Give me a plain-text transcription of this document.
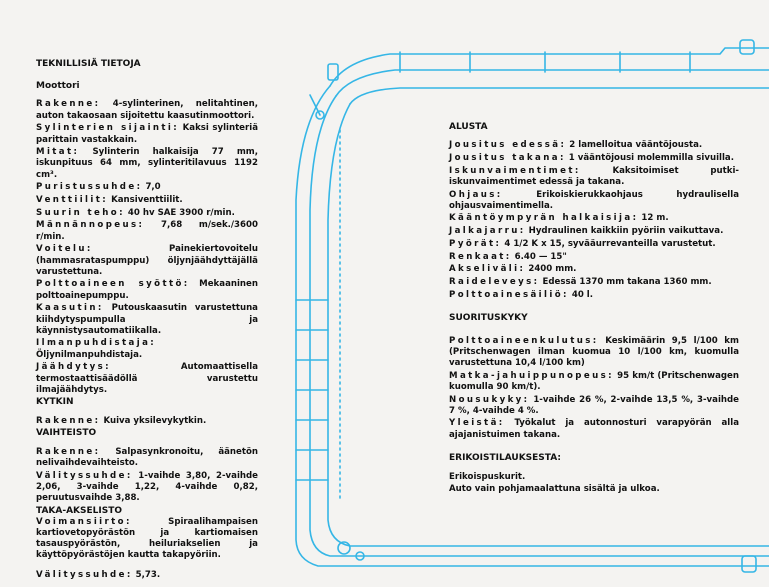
TEKNILLISIÄ TIETOJA
Moottori

Rakenne: 4-sylinterinen, nelitahtinen, auton takaosaan sijoitettu kaasutinmoottori.

Sylinterien sijainti: Kaksi sylinteriä parittain vastakkain.

Mitat: Sylinterin halkaisija 77 mm, iskunpituus 64 mm, sylinteritilavuus 1192 cm³.

Puristussuhde: 7,0

Venttiilit: Kansiventtiilit.

Suurin teho: 40 hv SAE 3900 r/min.

Männännopeus: 7,68 m/sek./3600 r/min.

Voitelu:	Painekiertovoitelu (hammasrataspumppu) öljynjäähdyttäjällä varustettuna.

Polttoaineen syöttö: Mekaaninen polttoainepumppu.

Kaasutin: Putouskaasutin varustettuna kiihdytyspumpulla ja käynnistysautomatiikalla.

Ilmanpuhdistaja: Öljynilmanpuhdistaja.

Jäähdytys:	Automaattisella termostaattisäädöllä varustettu ilmajäähdytys.

KYTKIN

Rakenne: Kuiva yksilevykytkin.

VAIHTEISTO

Rakenne: Salpasynkronoitu, äänetön nelivaihdevaihteisto.

Välityssuhde: 1-vaihde 3,80, 2-vaihde 2,06, 3-vaihde 1,22, 4-vaihde 0,82, peruutusvaihde 3,88.

TAKA-AKSELISTO

Voimansiirto:	Spiraalihampaisen kartiovetopyörästön ja kartiomaisen tasauspyörästön, heiluriakselien ja käyttöpyörästöjen kautta takapyöriin.

Välityssuhde: 5,73.

ALUSTA

Jousitus edessä: 2 lamelloitua vääntöjousta.

Jousitus takana: 1 vääntöjousi molemmilla sivuilla.

Iskunvaimentimet:	Kaksitoimiset putki-iskunvaimentimet edessä ja takana.

Ohjaus:	Erikoiskierukkaohjaus hydraulisella ohjausvaimentimella.

Kääntöympyrän halkaisija: 12 m.

Jalkajarru: Hydraulinen kaikkiin pyöriin vaikuttava.

Pyörät: 4 1/2 K x 15, syvääurrevanteilla varustetut.

Renkaat: 6.40 — 15"

Akseliväli: 2400 mm.

Raideleveys: Edessä 1370 mm takana 1360 mm.

Polttoainesäiliö: 40 l.

SUORITUSKYKY

Polttoaineenkulutus: Keskimäärin 9,5 l/100 km (Pritschenwagen ilman kuomua 10 l/100 km, kuomulla varustettuna 10,4 l/100 km)

Matka-jahuippunopeus: 95 km/t (Pritschenwagen kuomulla 90 km/t).

Nousukyky: 1-vaihde 26 %, 2-vaihde 13,5 %, 3-vaihde 7 %, 4-vaihde 4 %.

Yleistä: Työkalut ja autonnosturi varapyörän alla ajajanistuimen takana.

ERIKOISTILAUKSESTA:

Erikoispuskurit.

Auto vain pohjamaalattuna sisältä ja ulkoa.
